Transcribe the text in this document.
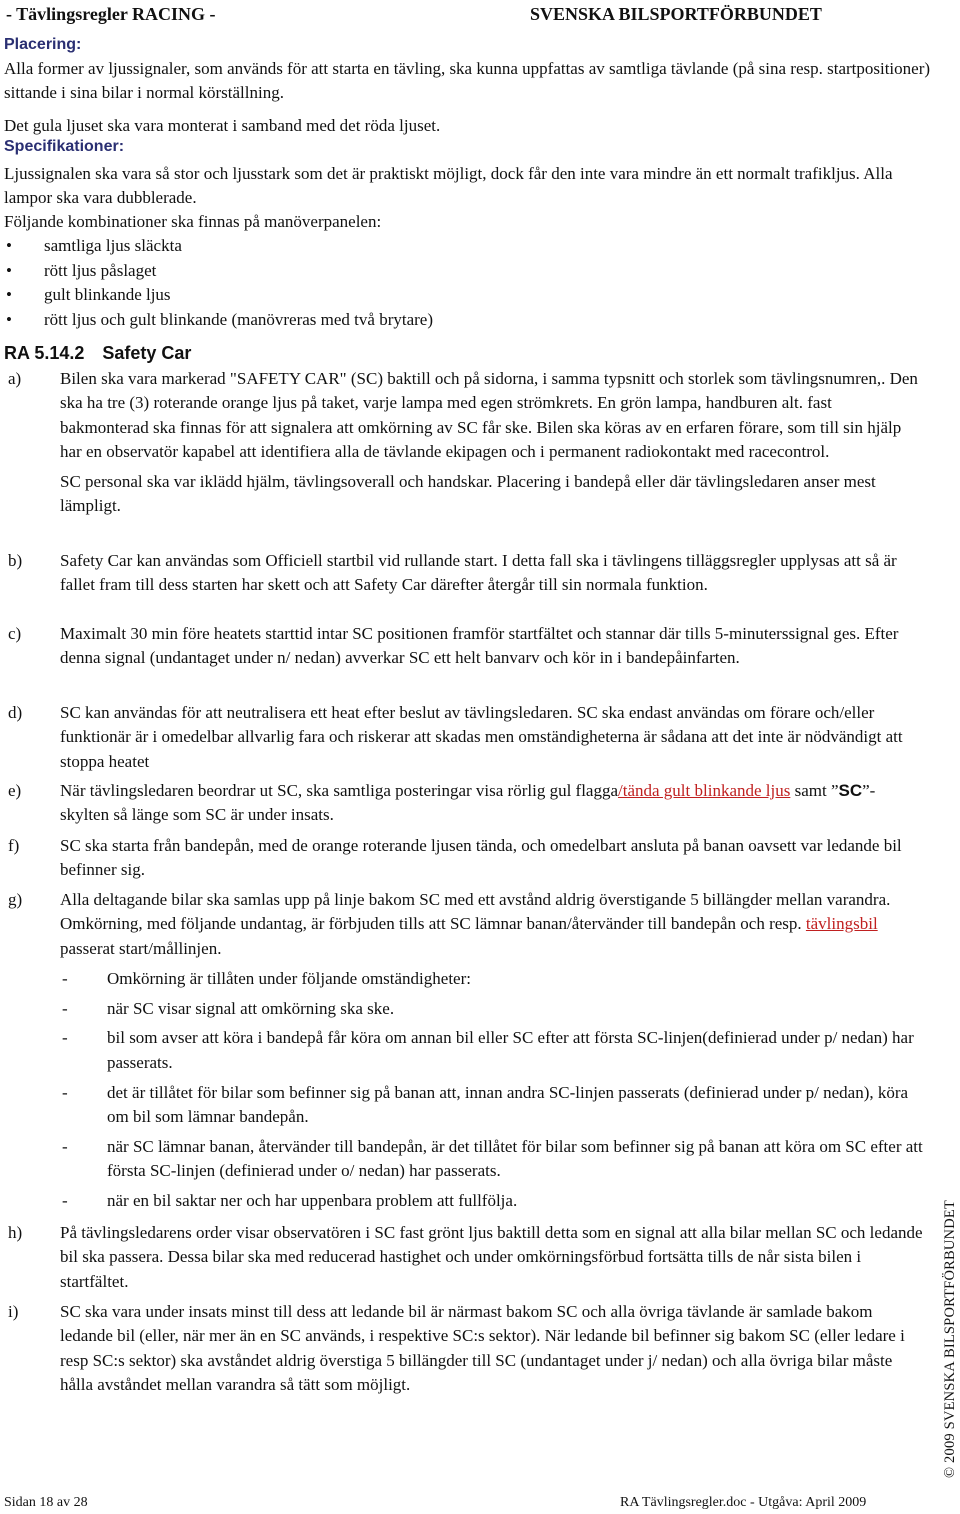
- Tävlingsregler RACING -	SVENSKA BILSPORTFÖRBUNDET
Placering:

Alla former av ljussignaler, som används för att starta en tävling, ska kunna uppfattas av samtliga tävlande (på sina resp. startpositioner) sittande i sina bilar i normal körställning.

Det gula ljuset ska vara monterat i samband med det röda ljuset.

Specifikationer:

Ljussignalen ska vara så stor och ljusstark som det är praktiskt möjligt, dock får den inte vara mindre än ett normalt trafikljus. Alla lampor ska vara dubblerade.

Följande kombinationer ska finnas på manöverpanelen:

• samtliga ljus släckta
• rött ljus påslaget
• gult blinkande ljus
• rött ljus och gult blinkande (manövreras med två brytare)
RA 5.14.2 Safety Car
a)	Bilen ska vara markerad "SAFETY CAR" (SC) baktill och på sidorna, i samma typsnitt och storlek som tävlingsnumren,. Den ska ha tre (3) roterande orange ljus på taket, varje lampa med egen strömkrets. En grön lampa, handburen alt. fast bakmonterad ska finnas för att signalera att omkörning av SC får ske. Bilen ska köras av en erfaren förare, som till sin hjälp har en observatör kapabel att identifiera alla de tävlande ekipagen och i permanent radiokontakt med racecontrol.

SC personal ska var iklädd hjälm, tävlingsoverall och handskar. Placering i bandepå eller där tävlingsledaren anser mest lämpligt.

b)	Safety Car kan användas som Officiell startbil vid rullande start. I detta fall ska i tävlingens tilläggsregler upplysas att så är fallet fram till dess starten har skett och att Safety Car därefter återgår till sin normala funktion.

c)	Maximalt 30 min före heatets starttid intar SC positionen framför startfältet och stannar där tills 5-minuterssignal ges. Efter denna signal (undantaget under n/ nedan) avverkar SC ett helt banvarv och kör in i bandepåinfarten.

d)	SC kan användas för att neutralisera ett heat efter beslut av tävlingsledaren. SC ska endast användas om förare och/eller funktionär är i omedelbar allvarlig fara och riskerar att skadas men omständigheterna är sådana att det inte är nödvändigt att stoppa heatet

e)	När tävlingsledaren beordrar ut SC, ska samtliga posteringar visa rörlig gul flagga/tända gult blinkande ljus samt ”SC”-skylten så länge som SC är under insats.

f)	SC ska starta från bandepån, med de orange roterande ljusen tända, och omedelbart ansluta på banan oavsett var ledande bil befinner sig.

g)	Alla deltagande bilar ska samlas upp på linje bakom SC med ett avstånd aldrig överstigande 5 billängder mellan varandra. Omkörning, med följande undantag, är förbjuden tills att SC lämnar banan/återvänder till bandepån och resp. tävlingsbil passerat start/mållinjen.

- Omkörning är tillåten under följande omständigheter:
- när SC visar signal att omkörning ska ske.
- bil som avser att köra i bandepå får köra om annan bil eller SC efter att första SC-linjen(definierad under p/ nedan) har passerats.
- det är tillåtet för bilar som befinner sig på banan att, innan andra SC-linjen passerats (definierad under p/ nedan), köra om bil som lämnar bandepån.
- när SC lämnar banan, återvänder till bandepån, är det tillåtet för bilar som befinner sig på banan att köra om SC efter att första SC-linjen (definierad under o/ nedan) har passerats.
- när en bil saktar ner och har uppenbara problem att fullfölja.
h)	På tävlingsledarens order visar observatören i SC fast grönt ljus baktill detta som en signal att alla bilar mellan SC och ledande bil ska passera. Dessa bilar ska med reducerad hastighet och under omkörningsförbud fortsätta tills de når sista bilen i startfältet.

i)	SC ska vara under insats minst till dess att ledande bil är närmast bakom SC och alla övriga tävlande är samlade bakom ledande bil (eller, när mer än en SC används, i respektive SC:s sektor). När ledande bil befinner sig bakom SC (eller ledare i resp SC:s sektor) ska avståndet aldrig överstiga 5 billängder till SC (undantaget under j/ nedan) och alla övriga bilar måste hålla avståndet mellan varandra så tätt som möjligt.

Sidan 18 av 28	RA Tävlingsregler.doc - Utgåva: April 2009
© 2009 SVENSKA BILSPORTFÖRBUNDET
